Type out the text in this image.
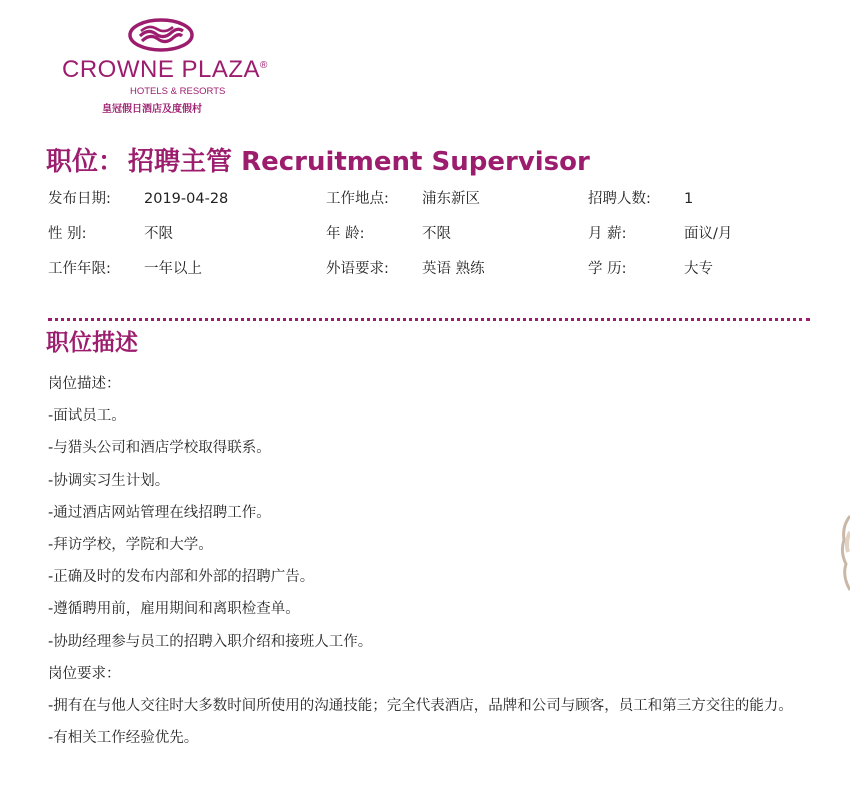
CROWNE PLAZA®
HOTELS & RESORTS
皇冠假日酒店及度假村
职位： 招聘主管 Recruitment Supervisor
发布日期: 2019-04-28	工作地点: 浦东新区	招聘人数: 1
性 别:	不限	年 龄:	不限	月 薪:	面议/月
工作年限: 一年以上	外语要求: 英语 熟练	学 历:	大专
职位描述
岗位描述：
-面试员工。
-与猎头公司和酒店学校取得联系。
-协调实习生计划。
-通过酒店网站管理在线招聘工作。
-拜访学校，学院和大学。
-正确及时的发布内部和外部的招聘广告。
-遵循聘用前，雇用期间和离职检查单。
-协助经理参与员工的招聘入职介绍和接班人工作。
岗位要求：
-拥有在与他人交往时大多数时间所使用的沟通技能；完全代表酒店，品牌和公司与顾客，员工和第三方交往的能力。
-有相关工作经验优先。
